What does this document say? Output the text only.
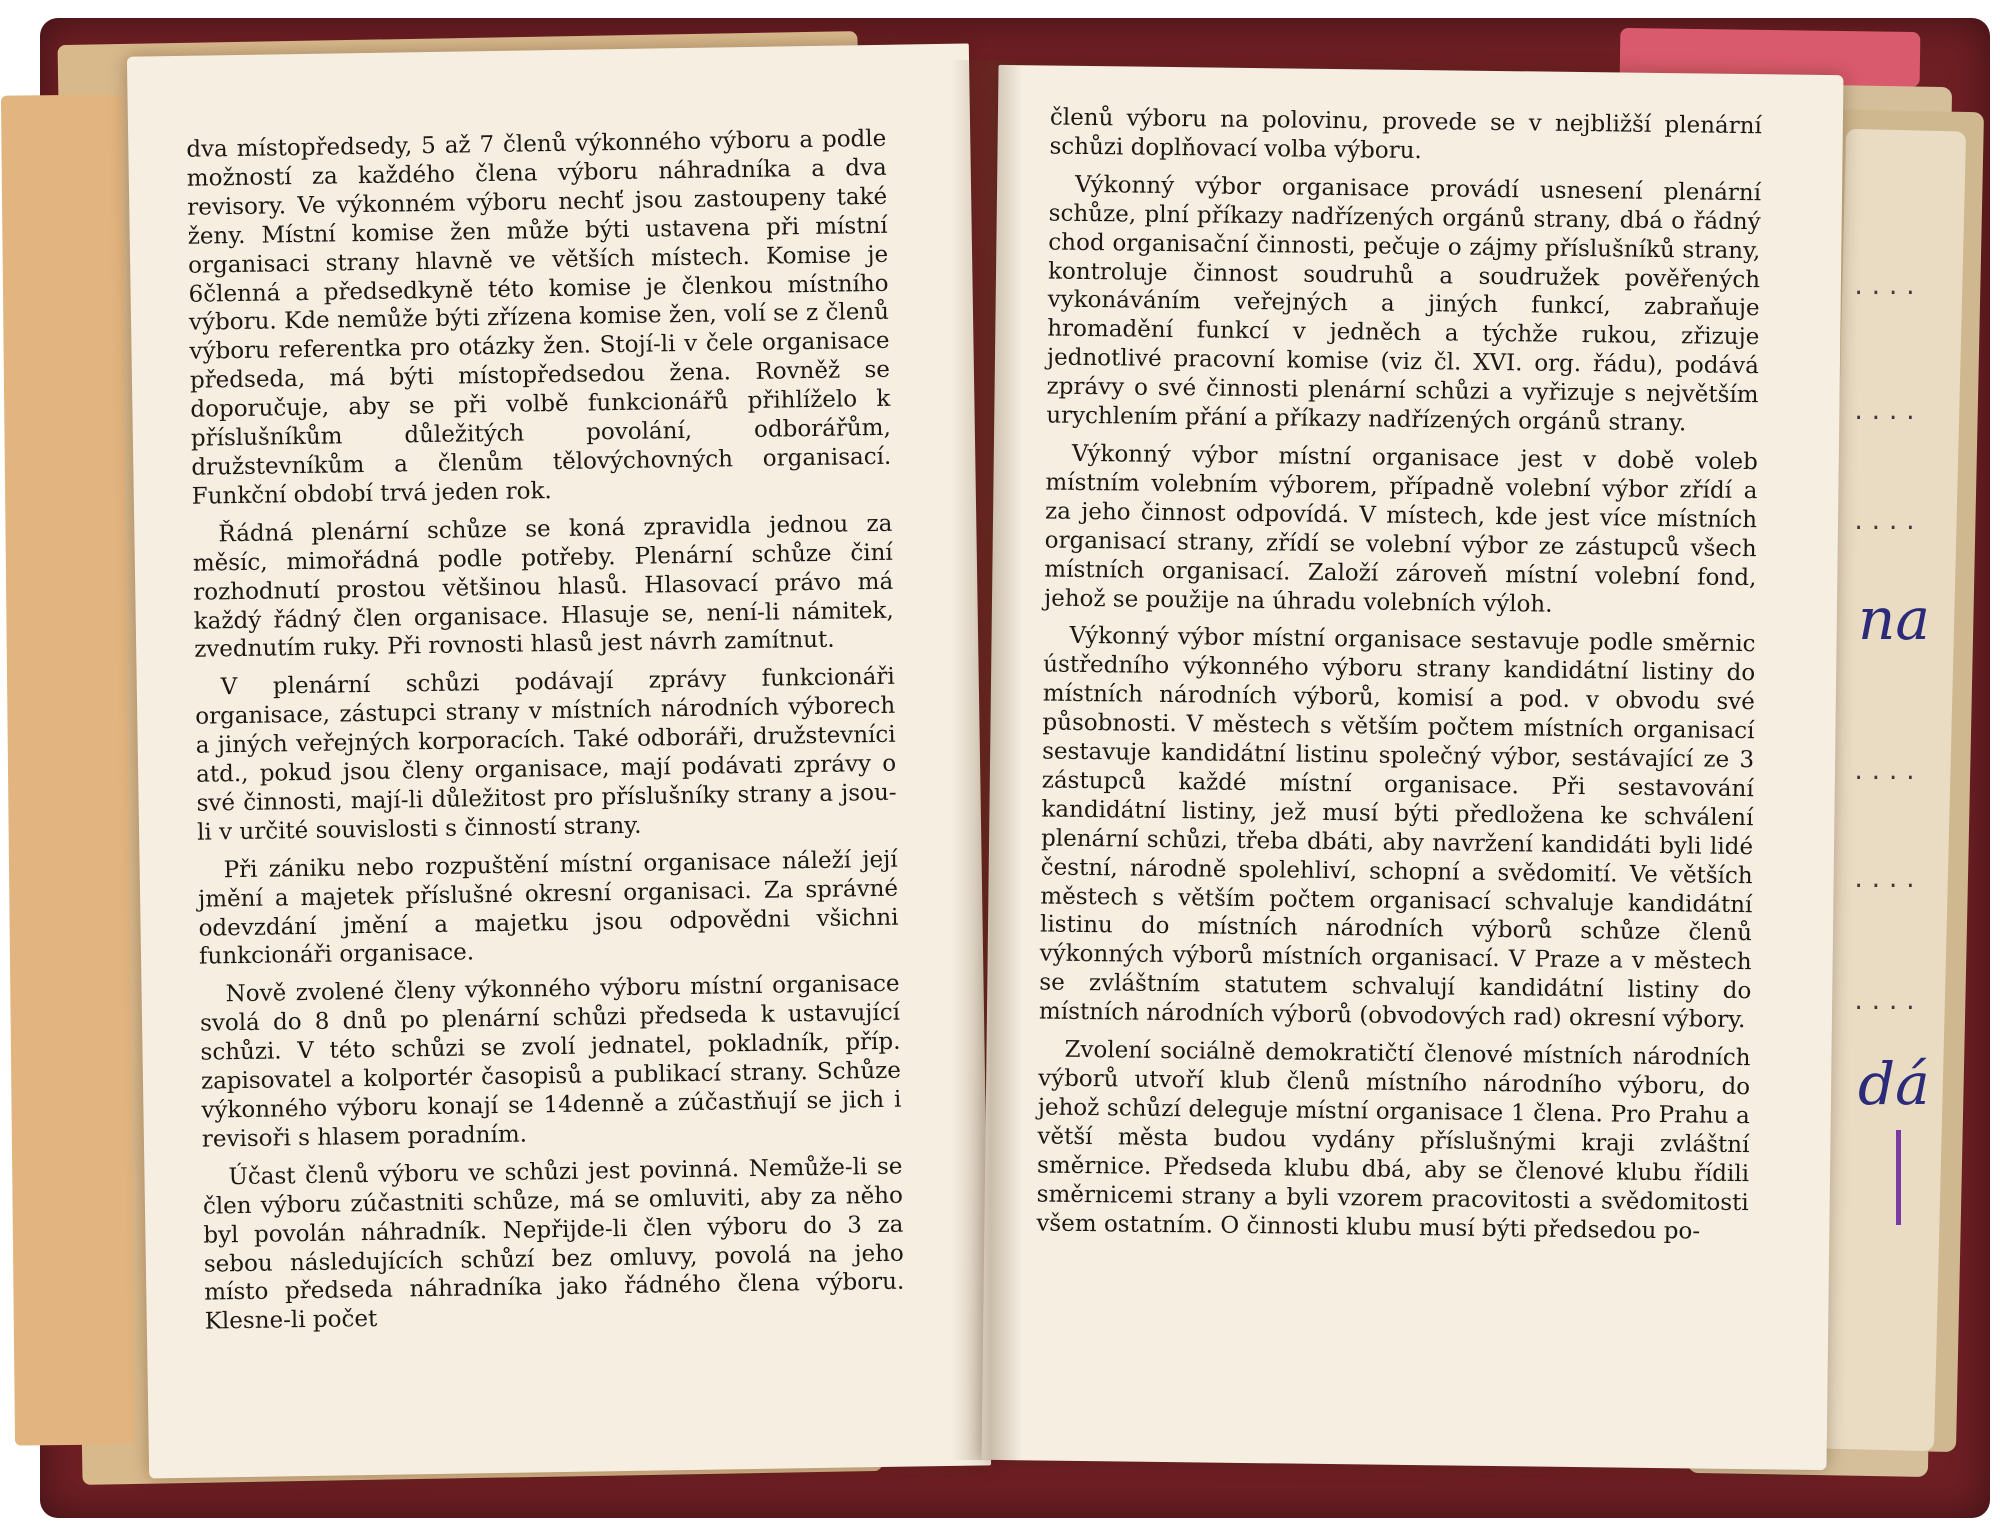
....
....
....
....
....
....
na
dá

dva místopředsedy, 5 až 7 členů výkonného výboru a podle možností za každého člena výboru náhradníka a dva revisory. Ve výkonném výboru nechť jsou zastoupeny také ženy. Místní komise žen může býti ustavena při místní organisaci strany hlavně ve větších místech. Komise je 6členná a předsedkyně této komise je členkou místního výboru. Kde nemůže býti zřízena komise žen, volí se z členů výboru referentka pro otázky žen. Stojí-li v čele organisace předseda, má býti místopředsedou žena. Rovněž se doporučuje, aby se při volbě funkcionářů přihlíželo k příslušníkům důležitých povolání, odborářům, družstevníkům a členům tělovýchovných organisací. Funkční období trvá jeden rok.

Řádná plenární schůze se koná zpravidla jednou za měsíc, mimořádná podle potřeby. Plenární schůze činí rozhodnutí prostou většinou hlasů. Hlasovací právo má každý řádný člen organisace. Hlasuje se, není-li námitek, zvednutím ruky. Při rovnosti hlasů jest návrh zamítnut.

V plenární schůzi podávají zprávy funkcionáři organisace, zástupci strany v místních národních výborech a jiných veřejných korporacích. Také odboráři, družstevníci atd., pokud jsou členy organisace, mají podávati zprávy o své činnosti, mají-li důležitost pro příslušníky strany a jsou-li v určité souvislosti s činností strany.

Při zániku nebo rozpuštění místní organisace náleží její jmění a majetek příslušné okresní organisaci. Za správné odevzdání jmění a majetku jsou odpovědni všichni funkcionáři organisace.

Nově zvolené členy výkonného výboru místní organisace svolá do 8 dnů po plenární schůzi předseda k ustavující schůzi. V této schůzi se zvolí jednatel, pokladník, příp. zapisovatel a kolportér časopisů a publikací strany. Schůze výkonného výboru konají se 14denně a zúčastňují se jich i revisoři s hlasem poradním.

Účast členů výboru ve schůzi jest povinná. Nemůže-li se člen výboru zúčastniti schůze, má se omluviti, aby za něho byl povolán náhradník. Nepřijde-li člen výboru do 3 za sebou následujících schůzí bez omluvy, povolá na jeho místo předseda náhradníka jako řádného člena výboru. Klesne-li počet

členů výboru na polovinu, provede se v nejbližší plenární schůzi doplňovací volba výboru.

Výkonný výbor organisace provádí usnesení plenární schůze, plní příkazy nadřízených orgánů strany, dbá o řádný chod organisační činnosti, pečuje o zájmy příslušníků strany, kontroluje činnost soudruhů a soudružek pověřených vykonáváním veřejných a jiných funkcí, zabraňuje hromadění funkcí v jedněch a týchže rukou, zřizuje jednotlivé pracovní komise (viz čl. XVI. org. řádu), podává zprávy o své činnosti plenární schůzi a vyřizuje s největším urychlením přání a příkazy nadřízených orgánů strany.

Výkonný výbor místní organisace jest v době voleb místním volebním výborem, případně volební výbor zřídí a za jeho činnost odpovídá. V místech, kde jest více místních organisací strany, zřídí se volební výbor ze zástupců všech místních organisací. Založí zároveň místní volební fond, jehož se použije na úhradu volebních výloh.

Výkonný výbor místní organisace sestavuje podle směrnic ústředního výkonného výboru strany kandidátní listiny do místních národních výborů, komisí a pod. v obvodu své působnosti. V městech s větším počtem místních organisací sestavuje kandidátní listinu společný výbor, sestávající ze 3 zástupců každé místní organisace. Při sestavování kandidátní listiny, jež musí býti předložena ke schválení plenární schůzi, třeba dbáti, aby navržení kandidáti byli lidé čestní, národně spolehliví, schopní a svědomití. Ve větších městech s větším počtem organisací schvaluje kandidátní listinu do místních národních výborů schůze členů výkonných výborů místních organisací. V Praze a v městech se zvláštním statutem schvalují kandidátní listiny do místních národních výborů (obvodových rad) okresní výbory.

Zvolení sociálně demokratičtí členové místních národních výborů utvoří klub členů místního národního výboru, do jehož schůzí deleguje místní organisace 1 člena. Pro Prahu a větší města budou vydány příslušnými kraji zvláštní směrnice. Předseda klubu dbá, aby se členové klubu řídili směrnicemi strany a byli vzorem pracovitosti a svědomitosti všem ostatním. O činnosti klubu musí býti předsedou po-
